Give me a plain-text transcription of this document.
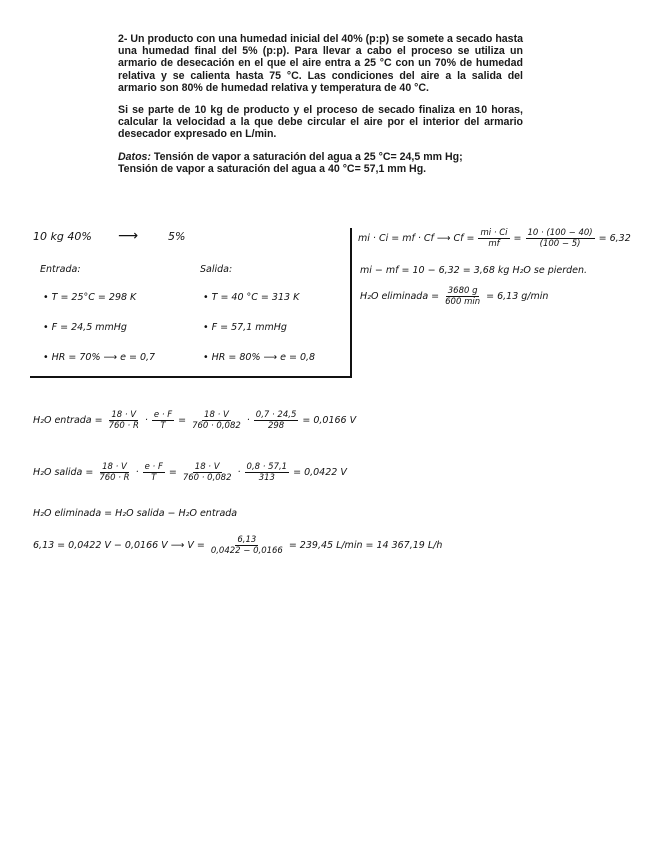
2- Un producto con una humedad inicial del 40% (p:p) se somete a secado hasta una humedad final del 5% (p:p). Para llevar a cabo el proceso se utiliza un armario de desecación en el que el aire entra a 25 °C con un 70% de humedad relativa y se calienta hasta 75 °C. Las condiciones del aire a la salida del armario son 80% de humedad relativa y temperatura de 40 °C.

Si se parte de 10 kg de producto y el proceso de secado finaliza en 10 horas, calcular la velocidad a la que debe circular el aire por el interior del armario desecador expresado en L/min.

Datos: Tensión de vapor a saturación del agua a 25 °C= 24,5 mm Hg;
Tensión de vapor a saturación del agua a 40 °C= 57,1 mm Hg.

10 kg 40% ⟶	5%
Entrada:	Salida:
• T = 25°C = 298 K
• F = 24,5 mmHg
• HR = 70% ⟶ e = 0,7
• T = 40 °C = 313 K
• F = 57,1 mmHg
• HR = 80% ⟶ e = 0,8
mi · Ci = mf · Cf ⟶ $Cf = \frac{mi \cdot Ci}{mf} = \frac{10 \cdot (100 - 40)}{(100 - 5)} = 6,32$
mi − mf = 10 − 6,32 = 3,68 kg H₂O se pierden.
H₂O eliminada = $\frac{3680 g}{600 \min} = 6,13$ g/min
H₂O entrada = $\frac{18 \cdot V}{760 \cdot R} \cdot \frac{e \cdot F}{T} = \frac{18 \cdot V}{760 \cdot 0,082} \cdot \frac{0,7 \cdot 24,5}{298} = 0,0166$ V
H₂O salida = $\frac{18 \cdot V}{760 \cdot R} \cdot \frac{e \cdot F}{T} = \frac{18 \cdot V}{760 \cdot 0,082} \cdot \frac{0,8 \cdot 57,1}{313} = 0,0422$ V
H₂O eliminada = H₂O salida − H₂O entrada
6,13 = 0,0422 V − 0,0166 V ⟶ $V = \frac{6,13}{0,0422 - 0,0166} = 239,45$ L/min = 14 367,19 L/h
